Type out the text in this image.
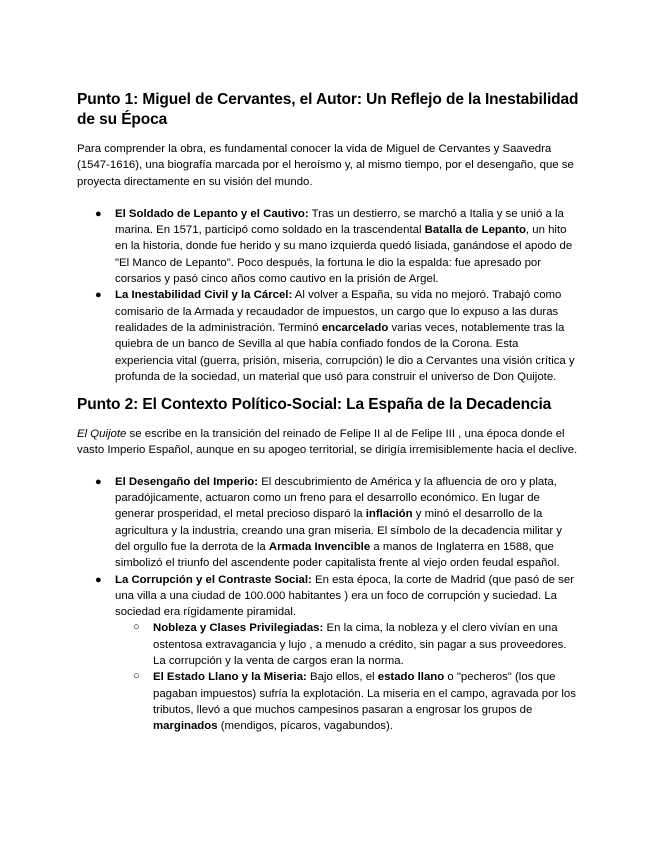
Punto 1: Miguel de Cervantes, el Autor: Un Reflejo de la Inestabilidad de su Época

Para comprender la obra, es fundamental conocer la vida de Miguel de Cervantes y Saavedra (1547-1616), una biografía marcada por el heroísmo y, al mismo tiempo, por el desengaño, que se proyecta directamente en su visión del mundo.

● El Soldado de Lepanto y el Cautivo: Tras un destierro, se marchó a Italia y se unió a la marina. En 1571, participó como soldado en la trascendental Batalla de Lepanto, un hito en la historia, donde fue herido y su mano izquierda quedó lisiada, ganándose el apodo de "El Manco de Lepanto". Poco después, la fortuna le dio la espalda: fue apresado por corsarios y pasó cinco años como cautivo en la prisión de Argel.
● La Inestabilidad Civil y la Cárcel: Al volver a España, su vida no mejoró. Trabajó como comisario de la Armada y recaudador de impuestos, un cargo que lo expuso a las duras realidades de la administración. Terminó encarcelado varias veces, notablemente tras la quiebra de un banco de Sevilla al que había confiado fondos de la Corona. Esta experiencia vital (guerra, prisión, miseria, corrupción) le dio a Cervantes una visión crítica y profunda de la sociedad, un material que usó para construir el universo de Don Quijote.
Punto 2: El Contexto Político-Social: La España de la Decadencia

El Quijote se escribe en la transición del reinado de Felipe II al de Felipe III , una época donde el vasto Imperio Español, aunque en su apogeo territorial, se dirigía irremisiblemente hacia el declive.

● El Desengaño del Imperio: El descubrimiento de América y la afluencia de oro y plata, paradójicamente, actuaron como un freno para el desarrollo económico. En lugar de generar prosperidad, el metal precioso disparó la inflación y minó el desarrollo de la agricultura y la industria, creando una gran miseria. El símbolo de la decadencia militar y del orgullo fue la derrota de la Armada Invencible a manos de Inglaterra en 1588, que simbolizó el triunfo del ascendente poder capitalista frente al viejo orden feudal español.
● La Corrupción y el Contraste Social: En esta época, la corte de Madrid (que pasó de ser una villa a una ciudad de 100.000 habitantes ) era un foco de corrupción y suciedad. La sociedad era rígidamente piramidal.
○ Nobleza y Clases Privilegiadas: En la cima, la nobleza y el clero vivían en una ostentosa extravagancia y lujo , a menudo a crédito, sin pagar a sus proveedores. La corrupción y la venta de cargos eran la norma.
○ El Estado Llano y la Miseria: Bajo ellos, el estado llano o "pecheros" (los que pagaban impuestos) sufría la explotación. La miseria en el campo, agravada por los tributos, llevó a que muchos campesinos pasaran a engrosar los grupos de marginados (mendigos, pícaros, vagabundos).
